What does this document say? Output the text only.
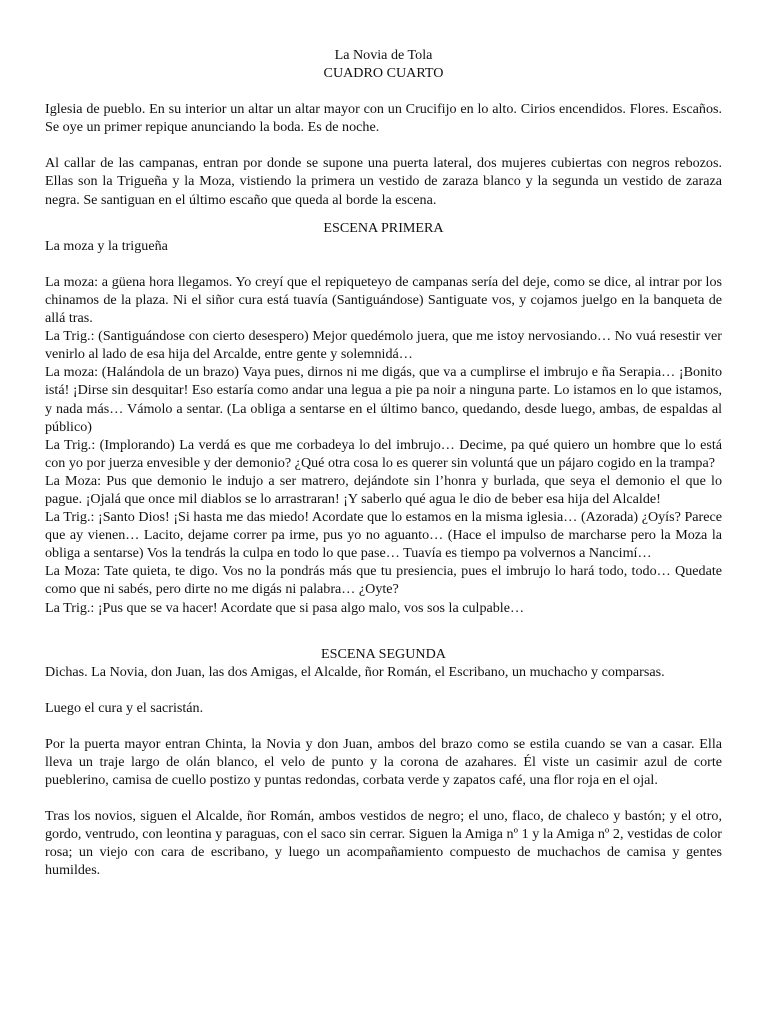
La Novia de Tola

CUADRO CUARTO

Iglesia de pueblo. En su interior un altar un altar mayor con un Crucifijo en lo alto. Cirios encendidos. Flores. Escaños. Se oye un primer repique anunciando la boda. Es de noche.

Al callar de las campanas, entran por donde se supone una puerta lateral, dos mujeres cubiertas con negros rebozos. Ellas son la Trigueña y la Moza, vistiendo la primera un vestido de zaraza blanco y la segunda un vestido de zaraza negra. Se santiguan en el último escaño que queda al borde la escena.

ESCENA PRIMERA

La moza y la trigueña

La moza: a güena hora llegamos. Yo creyí que el repiqueteyo de campanas sería del deje, como se dice, al intrar por los chinamos de la plaza. Ni el siñor cura está tuavía (Santiguándose) Santiguate vos, y cojamos juelgo en la banqueta de allá tras.

La Trig.: (Santiguándose con cierto desespero) Mejor quedémolo juera, que me istoy nervosiando… No vuá resestir ver venirlo al lado de esa hija del Arcalde, entre gente y solemnidá…

La moza: (Halándola de un brazo) Vaya pues, dirnos ni me digás, que va a cumplirse el imbrujo e ña Serapia… ¡Bonito istá! ¡Dirse sin desquitar! Eso estaría como andar una legua a pie pa noir a ninguna parte. Lo istamos en lo que istamos, y nada más… Vámolo a sentar. (La obliga a sentarse en el último banco, quedando, desde luego, ambas, de espaldas al público)

La Trig.: (Implorando) La verdá es que me corbadeya lo del imbrujo… Decime, pa qué quiero un hombre que lo está con yo por juerza envesible y der demonio? ¿Qué otra cosa lo es querer sin voluntá que un pájaro cogido en la trampa?

La Moza: Pus que demonio le indujo a ser matrero, dejándote sin l’honra y burlada, que seya el demonio el que lo pague. ¡Ojalá que once mil diablos se lo arrastraran! ¡Y saberlo qué agua le dio de beber esa hija del Alcalde!

La Trig.: ¡Santo Dios! ¡Si hasta me das miedo! Acordate que lo estamos en la misma iglesia… (Azorada) ¿Oyís? Parece que ay vienen… Lacito, dejame correr pa irme, pus yo no aguanto… (Hace el impulso de marcharse pero la Moza la obliga a sentarse) Vos la tendrás la culpa en todo lo que pase… Tuavía es tiempo pa volvernos a Nancimí…

La Moza: Tate quieta, te digo. Vos no la pondrás más que tu presiencia, pues el imbrujo lo hará todo, todo… Quedate como que ni sabés, pero dirte no me digás ni palabra… ¿Oyte?

La Trig.: ¡Pus que se va hacer! Acordate que si pasa algo malo, vos sos la culpable…

ESCENA SEGUNDA

Dichas. La Novia, don Juan, las dos Amigas, el Alcalde, ñor Román, el Escribano, un muchacho y comparsas.

Luego el cura y el sacristán.

Por la puerta mayor entran Chinta, la Novia y don Juan, ambos del brazo como se estila cuando se van a casar. Ella lleva un traje largo de olán blanco, el velo de punto y la corona de azahares. Él viste un casimir azul de corte pueblerino, camisa de cuello postizo y puntas redondas, corbata verde y zapatos café, una flor roja en el ojal.

Tras los novios, siguen el Alcalde, ñor Román, ambos vestidos de negro; el uno, flaco, de chaleco y bastón; y el otro, gordo, ventrudo, con leontina y paraguas, con el saco sin cerrar. Siguen la Amiga nº 1 y la Amiga nº 2, vestidas de color rosa; un viejo con cara de escribano, y luego un acompañamiento compuesto de muchachos de camisa y gentes humildes.
